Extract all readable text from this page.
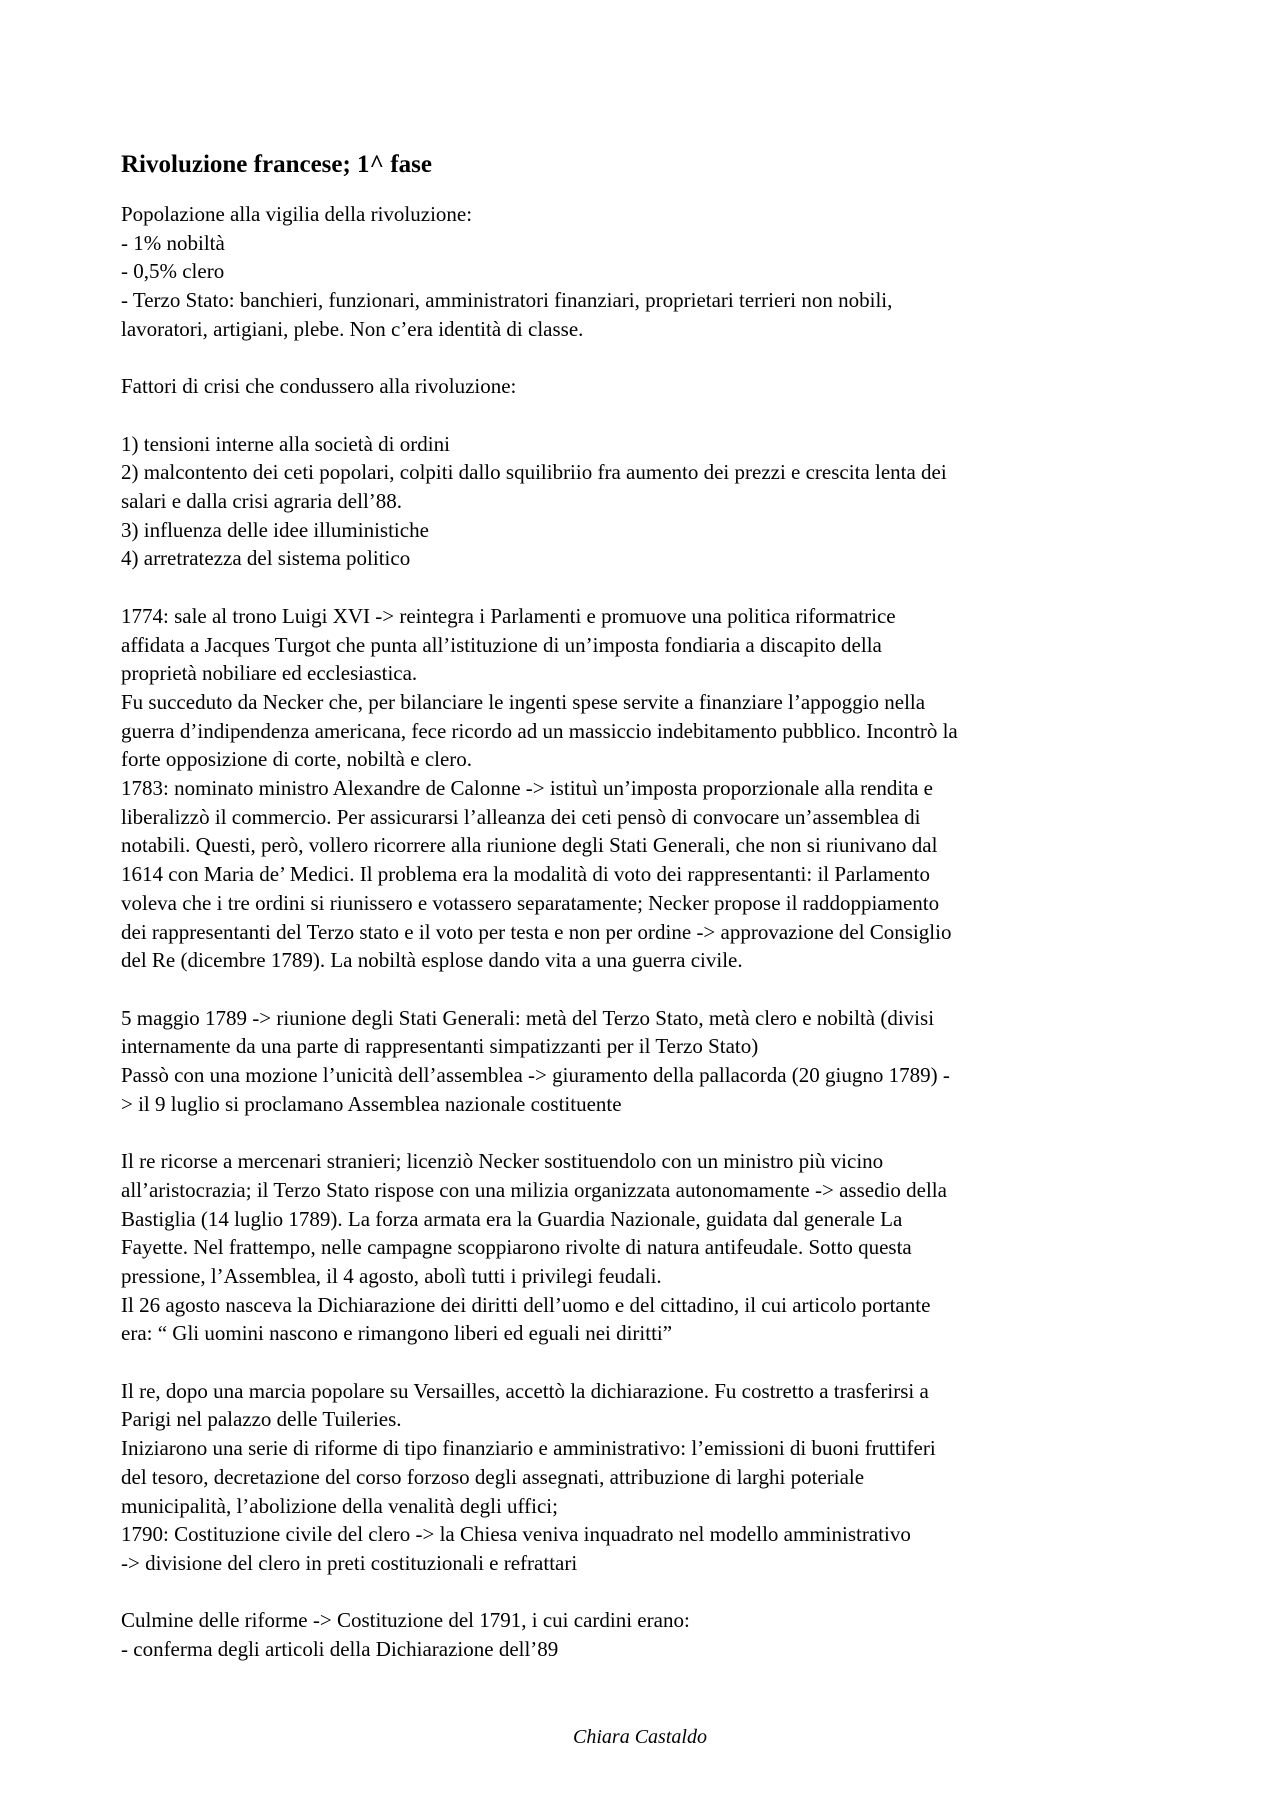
Rivoluzione francese; 1^ fase
Popolazione alla vigilia della rivoluzione:
- 1% nobiltà
- 0,5% clero
- Terzo Stato: banchieri, funzionari, amministratori finanziari, proprietari terrieri non nobili,
lavoratori, artigiani, plebe. Non c’era identità di classe.
Fattori di crisi che condussero alla rivoluzione:
1) tensioni interne alla società di ordini
2) malcontento dei ceti popolari, colpiti dallo squilibriio fra aumento dei prezzi e crescita lenta dei
salari e dalla crisi agraria dell’88.
3) influenza delle idee illuministiche
4) arretratezza del sistema politico
1774: sale al trono Luigi XVI -> reintegra i Parlamenti e promuove una politica riformatrice
affidata a Jacques Turgot che punta all’istituzione di un’imposta fondiaria a discapito della
proprietà nobiliare ed ecclesiastica.
Fu succeduto da Necker che, per bilanciare le ingenti spese servite a finanziare l’appoggio nella
guerra d’indipendenza americana, fece ricordo ad un massiccio indebitamento pubblico. Incontrò la
forte opposizione di corte, nobiltà e clero.
1783: nominato ministro Alexandre de Calonne -> istituì un’imposta proporzionale alla rendita e
liberalizzò il commercio. Per assicurarsi l’alleanza dei ceti pensò di convocare un’assemblea di
notabili. Questi, però, vollero ricorrere alla riunione degli Stati Generali, che non si riunivano dal
1614 con Maria de’ Medici. Il problema era la modalità di voto dei rappresentanti: il Parlamento
voleva che i tre ordini si riunissero e votassero separatamente; Necker propose il raddoppiamento
dei rappresentanti del Terzo stato e il voto per testa e non per ordine -> approvazione del Consiglio
del Re (dicembre 1789). La nobiltà esplose dando vita a una guerra civile.
5 maggio 1789 -> riunione degli Stati Generali: metà del Terzo Stato, metà clero e nobiltà (divisi
internamente da una parte di rappresentanti simpatizzanti per il Terzo Stato)
Passò con una mozione l’unicità dell’assemblea -> giuramento della pallacorda (20 giugno 1789) -
> il 9 luglio si proclamano Assemblea nazionale costituente
Il re ricorse a mercenari stranieri; licenziò Necker sostituendolo con un ministro più vicino
all’aristocrazia; il Terzo Stato rispose con una milizia organizzata autonomamente -> assedio della
Bastiglia (14 luglio 1789). La forza armata era la Guardia Nazionale, guidata dal generale La
Fayette. Nel frattempo, nelle campagne scoppiarono rivolte di natura antifeudale. Sotto questa
pressione, l’Assemblea, il 4 agosto, abolì tutti i privilegi feudali.
Il 26 agosto nasceva la Dichiarazione dei diritti dell’uomo e del cittadino, il cui articolo portante
era: “ Gli uomini nascono e rimangono liberi ed eguali nei diritti”
Il re, dopo una marcia popolare su Versailles, accettò la dichiarazione. Fu costretto a trasferirsi a
Parigi nel palazzo delle Tuileries.
Iniziarono una serie di riforme di tipo finanziario e amministrativo: l’emissioni di buoni fruttiferi
del tesoro, decretazione del corso forzoso degli assegnati, attribuzione di larghi poteriale
municipalità, l’abolizione della venalità degli uffici;
1790: Costituzione civile del clero -> la Chiesa veniva inquadrato nel modello amministrativo
-> divisione del clero in preti costituzionali e refrattari
Culmine delle riforme -> Costituzione del 1791, i cui cardini erano:
- conferma degli articoli della Dichiarazione dell’89
Chiara Castaldo
